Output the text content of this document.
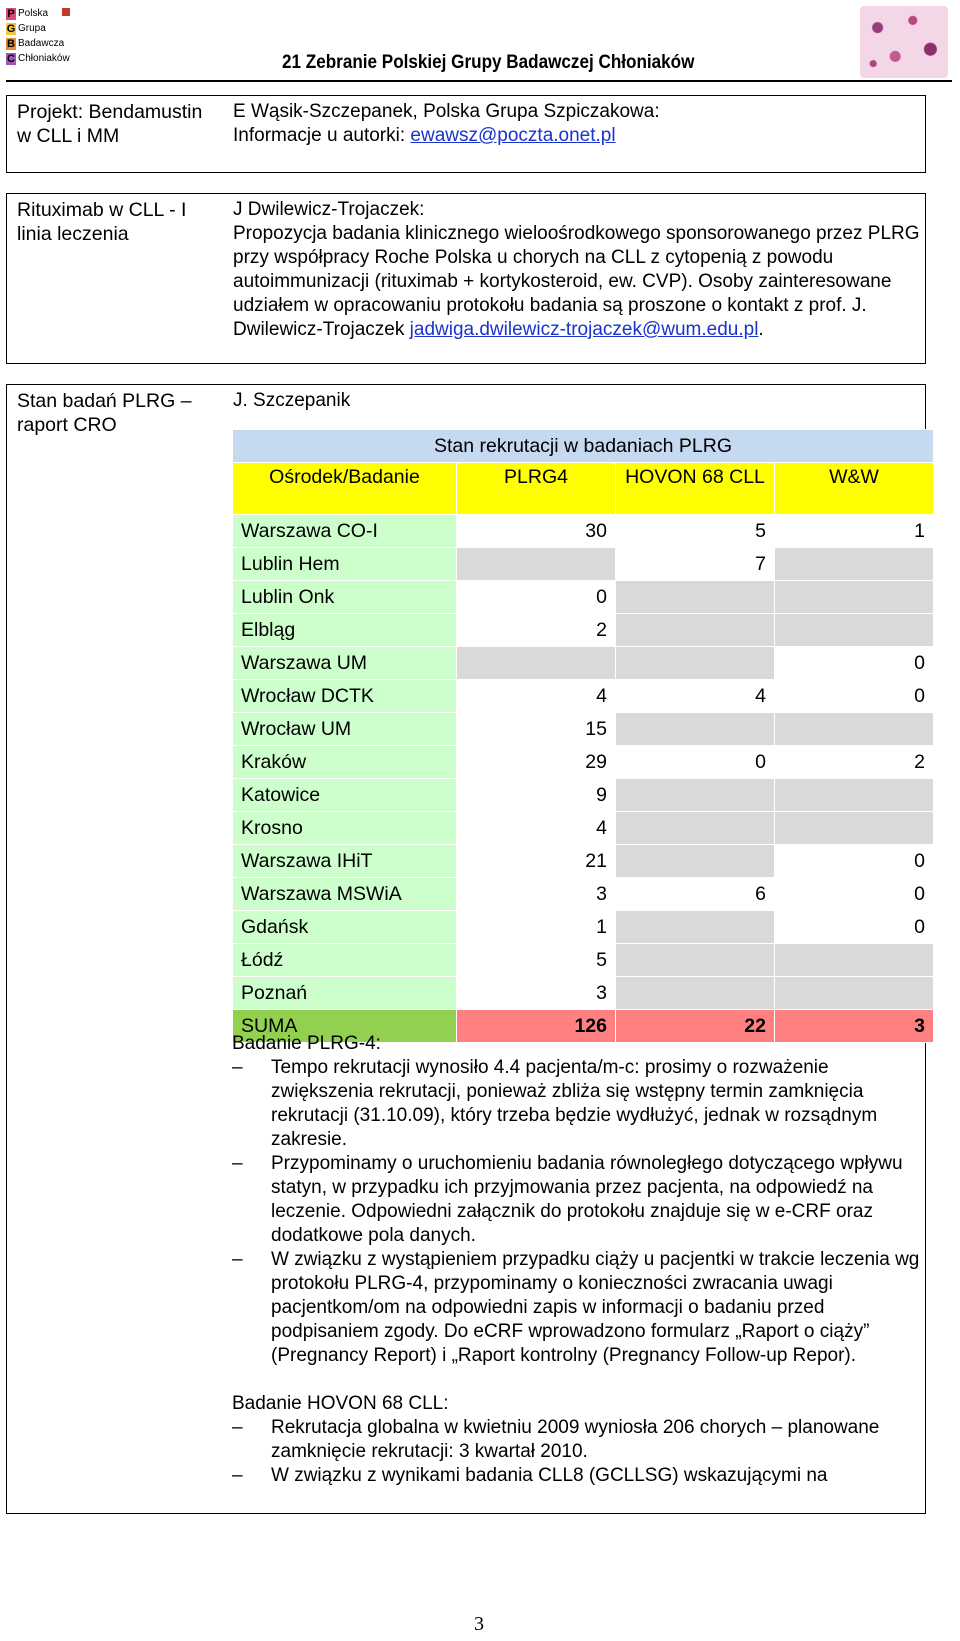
P Polska
G Grupa
B Badawcza
C Chłoniaków	21 Zebranie Polskiej Grupy Badawczej Chłoniaków
Projekt: Bendamustin w CLL i MM
E Wąsik-Szczepanek, Polska Grupa Szpiczakowa:
Informacje u autorki: ewawsz@poczta.onet.pl
Rituximab w CLL - I linia leczenia
J Dwilewicz-Trojaczek:
Propozycja badania klinicznego wieloośrodkowego sponsorowanego przez PLRG przy współpracy Roche Polska u chorych na CLL z cytopenią z powodu autoimmunizacji (rituximab + kortykosteroid, ew. CVP). Osoby zainteresowane udziałem w opracowaniu protokołu badania są proszone o kontakt z prof. J. Dwilewicz-Trojaczek jadwiga.dwilewicz-trojaczek@wum.edu.pl.
Stan badań PLRG – raport CRO
J. Szczepanik
Stan rekrutacji w badaniach PLRG			
Ośrodek/Badanie	PLRG4	HOVON 68 CLL	W&W
Warszawa CO-I	30	5	1
Lublin Hem		7	
Lublin Onk	0		
Elbląg	2		
Warszawa UM			0
Wrocław DCTK	4	4	0
Wrocław UM	15		
Kraków	29	0	2
Katowice	9		
Krosno	4		
Warszawa IHiT	21		0
Warszawa MSWiA	3	6	0
Gdańsk	1		0
Łódź	5		
Poznań	3		
SUMA	126	22	3
Badanie PLRG-4:
– Tempo rekrutacji wynosiło 4.4 pacjenta/m-c: prosimy o rozważenie zwiększenia rekrutacji, ponieważ zbliża się wstępny termin zamknięcia rekrutacji (31.10.09), który trzeba będzie wydłużyć, jednak w rozsądnym zakresie.
– Przypominamy o uruchomieniu badania równoległego dotyczącego wpływu statyn, w przypadku ich przyjmowania przez pacjenta, na odpowiedź na leczenie. Odpowiedni załącznik do protokołu znajduje się w e-CRF oraz dodatkowe pola danych.
– W związku z wystąpieniem przypadku ciąży u pacjentki w trakcie leczenia wg protokołu PLRG-4, przypominamy o konieczności zwracania uwagi pacjentkom/om na odpowiedni zapis w informacji o badaniu przed podpisaniem zgody. Do eCRF wprowadzono formularz „Raport o ciąży” (Pregnancy Report) i „Raport kontrolny (Pregnancy Follow-up Repor).
Badanie HOVON 68 CLL:
– Rekrutacja globalna w kwietniu 2009 wyniosła 206 chorych – planowane zamknięcie rekrutacji: 3 kwartał 2010.
– W związku z wynikami badania CLL8 (GCLLSG) wskazującymi na
3
